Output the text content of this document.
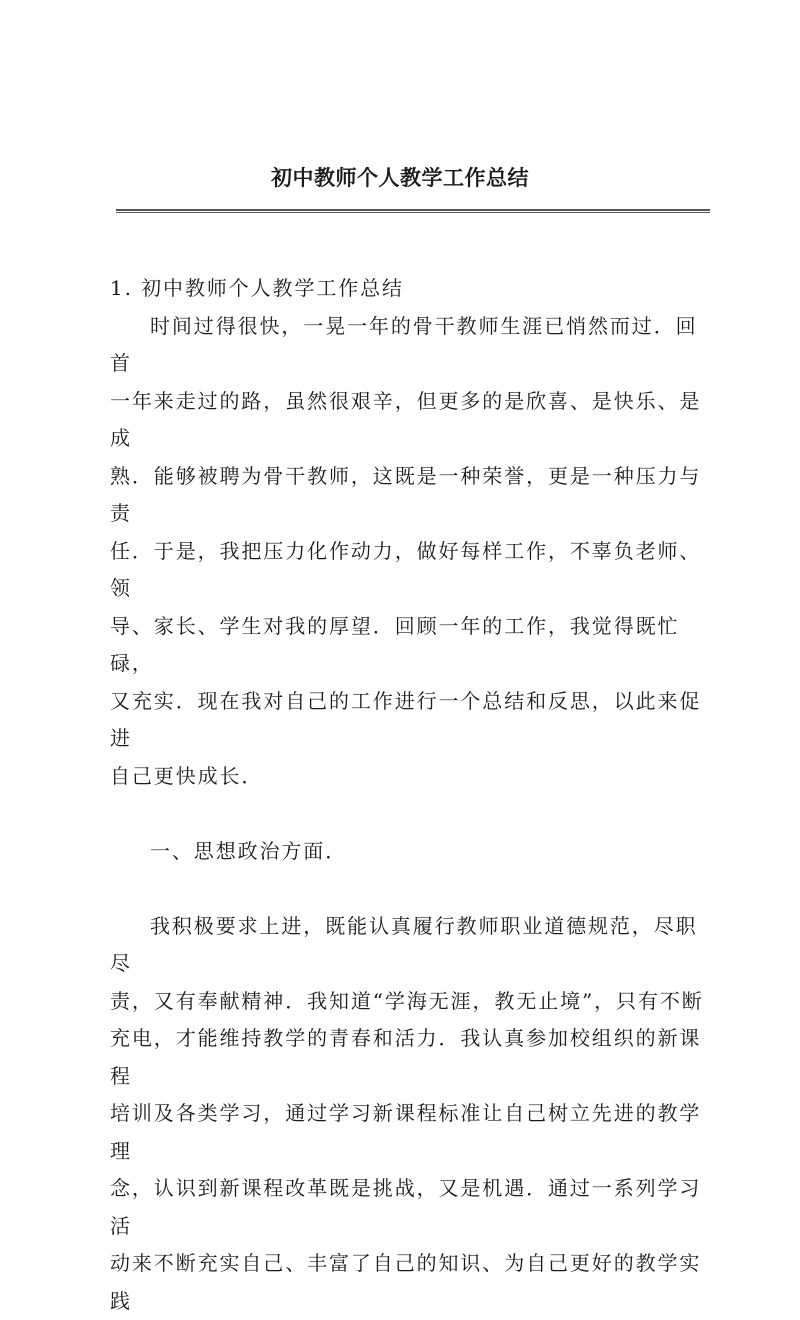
初中教师个人教学工作总结

1. 初中教师个人教学工作总结

时间过得很快，一晃一年的骨干教师生涯已悄然而过．回首
一年来走过的路，虽然很艰辛，但更多的是欣喜、是快乐、是成
熟．能够被聘为骨干教师，这既是一种荣誉，更是一种压力与责
任．于是，我把压力化作动力，做好每样工作，不辜负老师、领
导、家长、学生对我的厚望．回顾一年的工作，我觉得既忙碌，
又充实．现在我对自己的工作进行一个总结和反思，以此来促进
自己更快成长．

一、思想政治方面．

我积极要求上进，既能认真履行教师职业道德规范，尽职尽
责，又有奉献精神．我知道“学海无涯，教无止境”，只有不断
充电，才能维持教学的青春和活力．我认真参加校组织的新课程
培训及各类学习，通过学习新课程标准让自己树立先进的教学理
念，认识到新课程改革既是挑战，又是机遇．通过一系列学习活
动来不断充实自己、丰富了自己的知识、为自己更好的教学实践
